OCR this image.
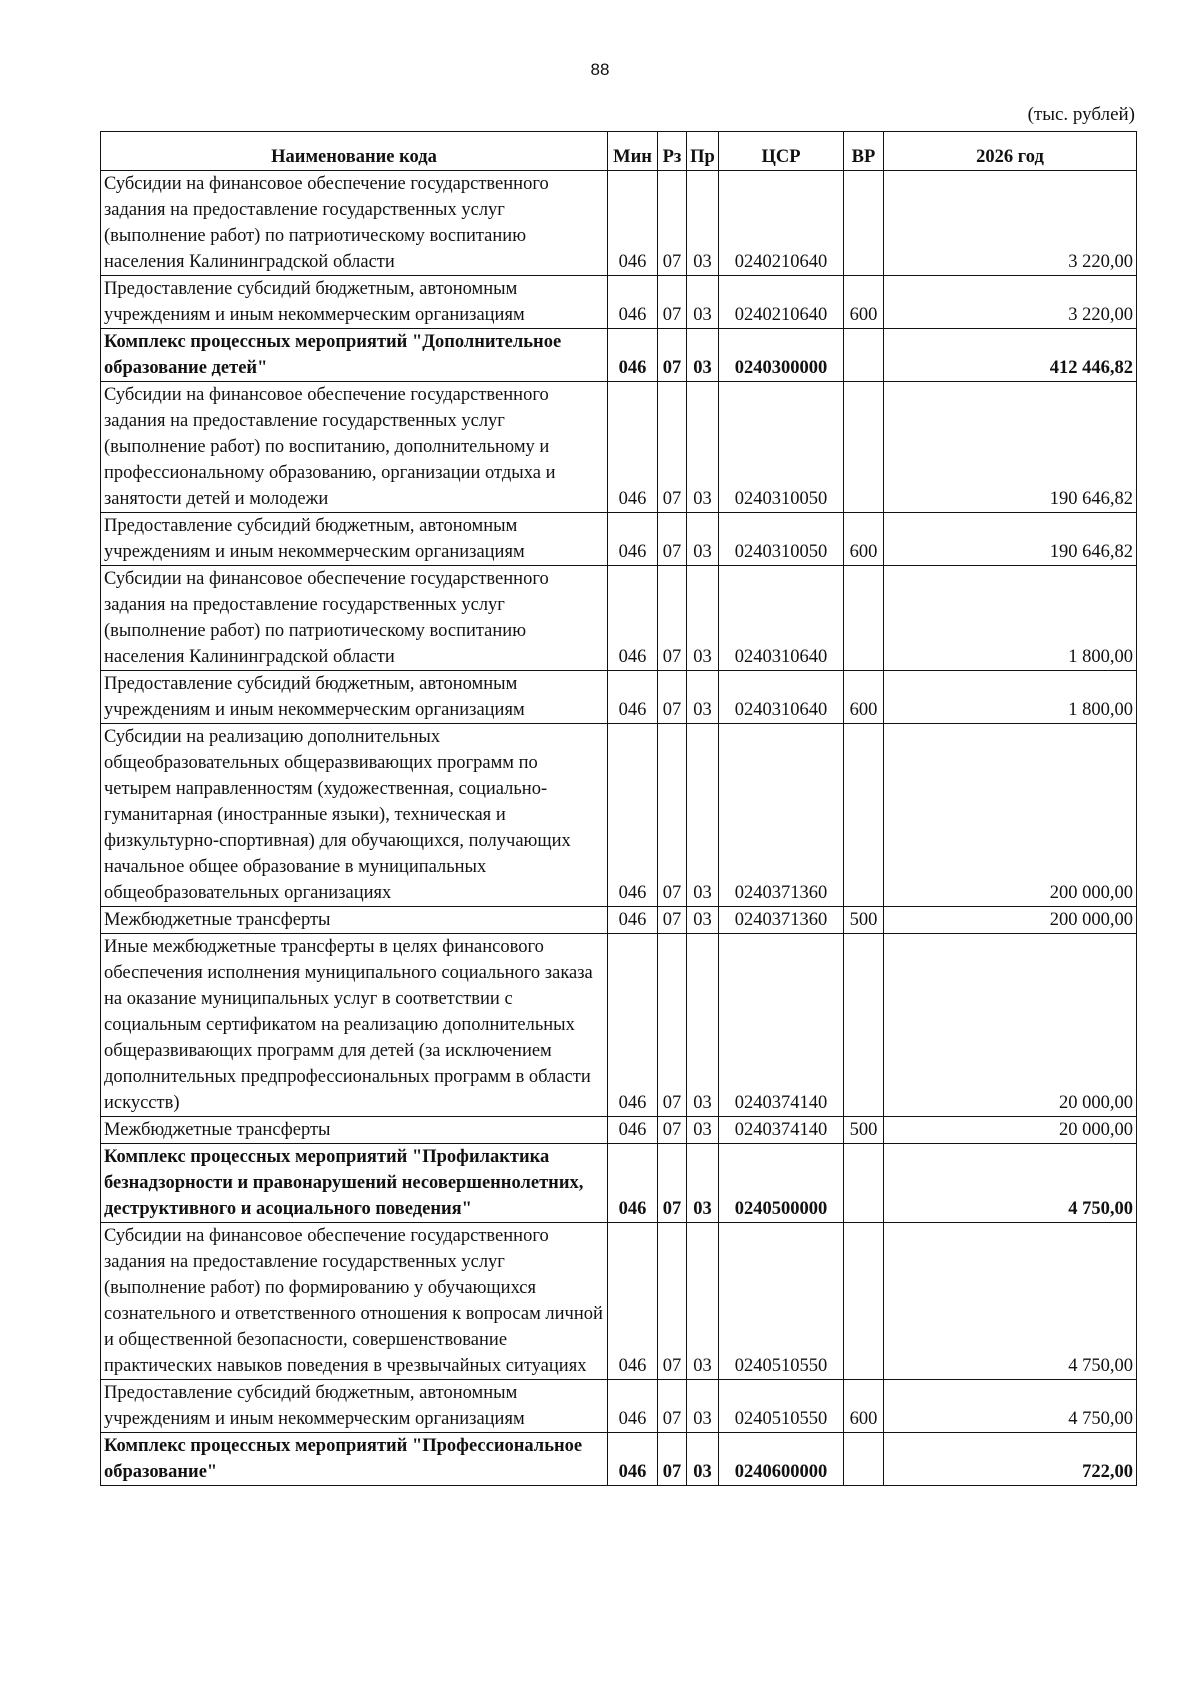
88
(тыс. рублей)
Наименование кода	Мин	Рз	Пр	ЦСР	ВР	2026 год
Субсидии на финансовое обеспечение государственного задания на предоставление государственных услуг (выполнение работ) по патриотическому воспитанию населения Калининградской области	046	07	03	0240210640		3 220,00
Предоставление субсидий бюджетным, автономным учреждениям и иным некоммерческим организациям	046	07	03	0240210640	600	3 220,00
Комплекс процессных мероприятий "Дополнительное образование детей"	046	07	03	0240300000		412 446,82
Субсидии на финансовое обеспечение государственного задания на предоставление государственных услуг (выполнение работ) по воспитанию, дополнительному и профессиональному образованию, организации отдыха и занятости детей и молодежи	046	07	03	0240310050		190 646,82
Предоставление субсидий бюджетным, автономным учреждениям и иным некоммерческим организациям	046	07	03	0240310050	600	190 646,82
Субсидии на финансовое обеспечение государственного задания на предоставление государственных услуг (выполнение работ) по патриотическому воспитанию населения Калининградской области	046	07	03	0240310640		1 800,00
Предоставление субсидий бюджетным, автономным учреждениям и иным некоммерческим организациям	046	07	03	0240310640	600	1 800,00
Субсидии на реализацию дополнительных общеобразовательных общеразвивающих программ по четырем направленностям (художественная, социально-гуманитарная (иностранные языки), техническая и физкультурно-спортивная) для обучающихся, получающих начальное общее образование в муниципальных общеобразовательных организациях	046	07	03	0240371360		200 000,00
Межбюджетные трансферты	046	07	03	0240371360	500	200 000,00
Иные межбюджетные трансферты в целях финансового обеспечения исполнения муниципального социального заказа на оказание муниципальных услуг в соответствии с социальным сертификатом на реализацию дополнительных общеразвивающих программ для детей (за исключением дополнительных предпрофессиональных программ в области искусств)	046	07	03	0240374140		20 000,00
Межбюджетные трансферты	046	07	03	0240374140	500	20 000,00
Комплекс процессных мероприятий "Профилактика безнадзорности и правонарушений несовершеннолетних, деструктивного и асоциального поведения"	046	07	03	0240500000		4 750,00
Субсидии на финансовое обеспечение государственного задания на предоставление государственных услуг (выполнение работ) по формированию у обучающихся сознательного и ответственного отношения к вопросам личной и общественной безопасности, совершенствование практических навыков поведения в чрезвычайных ситуациях	046	07	03	0240510550		4 750,00
Предоставление субсидий бюджетным, автономным учреждениям и иным некоммерческим организациям	046	07	03	0240510550	600	4 750,00
Комплекс процессных мероприятий "Профессиональное образование"	046	07	03	0240600000		722,00
